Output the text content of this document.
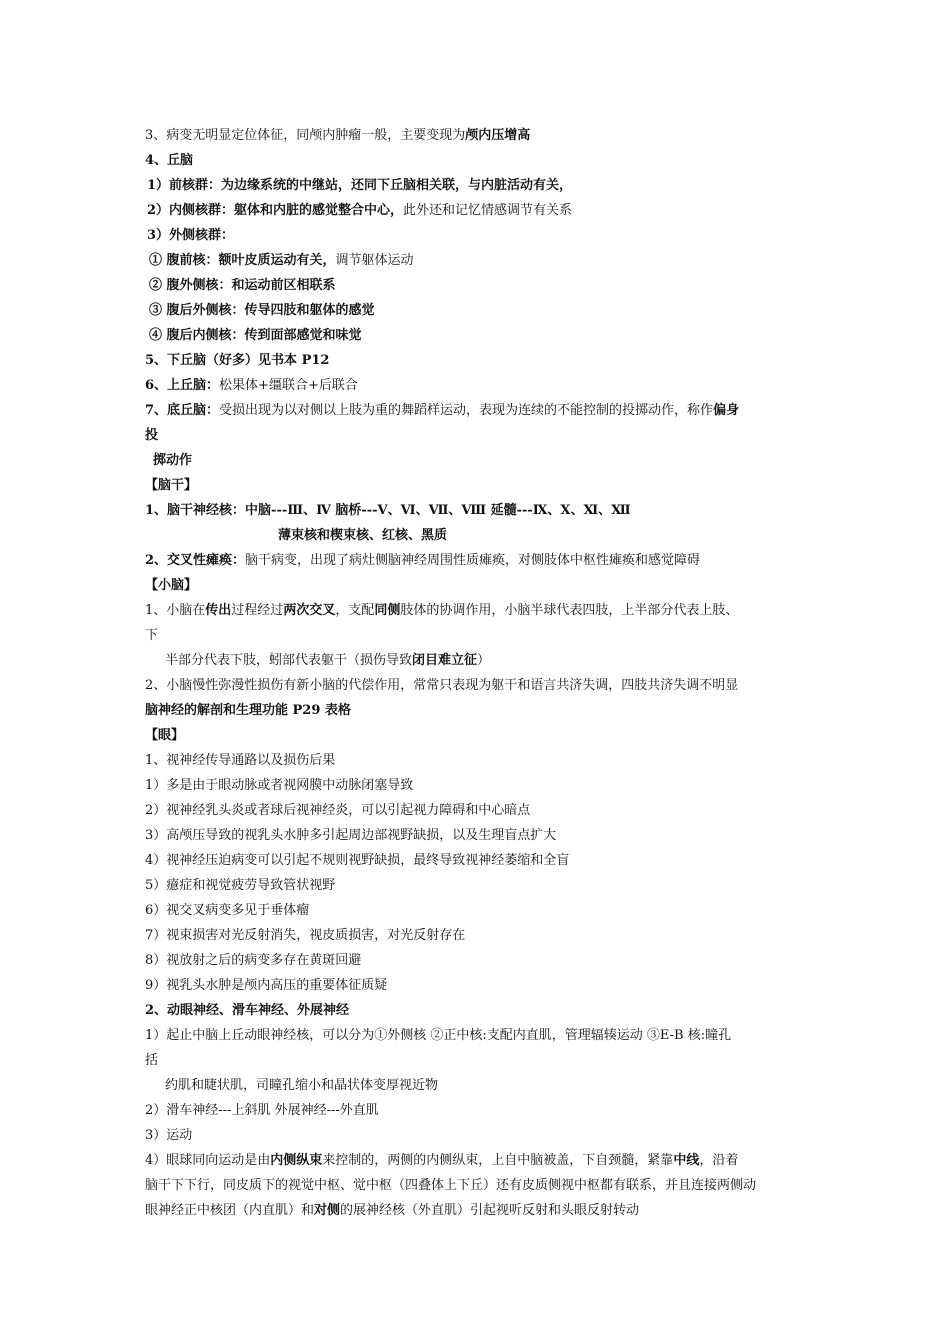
3、病变无明显定位体征，同颅内肿瘤一般，主要变现为颅内压增高
4、丘脑
1）前核群：为边缘系统的中继站，还同下丘脑相关联，与内脏活动有关，
2）内侧核群：躯体和内脏的感觉整合中心，此外还和记忆情感调节有关系
3）外侧核群：
① 腹前核：额叶皮质运动有关，调节躯体运动
② 腹外侧核：和运动前区相联系
③ 腹后外侧核：传导四肢和躯体的感觉
④ 腹后内侧核：传到面部感觉和味觉
5、下丘脑（好多）见书本 P12
6、上丘脑：松果体+缰联合+后联合
7、底丘脑：受损出现为以对侧以上肢为重的舞蹈样运动，表现为连续的不能控制的投掷动作，称作偏身
投
掷动作
【脑干】
1、脑干神经核：中脑---Ⅲ、Ⅳ 脑桥---Ⅴ、Ⅵ、Ⅶ、Ⅷ 延髓---Ⅸ、Ⅹ、Ⅺ、Ⅻ
薄束核和楔束核、红核、黑质
2、交叉性瘫痪：脑干病变，出现了病灶侧脑神经周围性质瘫痪，对侧肢体中枢性瘫痪和感觉障碍
【小脑】
1、小脑在传出过程经过两次交叉，支配同侧肢体的协调作用，小脑半球代表四肢，上半部分代表上肢、
下
半部分代表下肢，蚓部代表躯干（损伤导致闭目难立征）
2、小脑慢性弥漫性损伤有新小脑的代偿作用，常常只表现为躯干和语言共济失调，四肢共济失调不明显
脑神经的解剖和生理功能 P29 表格
【眼】
1、视神经传导通路以及损伤后果
1）多是由于眼动脉或者视网膜中动脉闭塞导致
2）视神经乳头炎或者球后视神经炎，可以引起视力障碍和中心暗点
3）高颅压导致的视乳头水肿多引起周边部视野缺损，以及生理盲点扩大
4）视神经压迫病变可以引起不规则视野缺损，最终导致视神经萎缩和全盲
5）癔症和视觉疲劳导致管状视野
6）视交叉病变多见于垂体瘤
7）视束损害对光反射消失，视皮质损害，对光反射存在
8）视放射之后的病变多存在黄斑回避
9）视乳头水肿是颅内高压的重要体征质疑
2、动眼神经、滑车神经、外展神经
1）起止中脑上丘动眼神经核，可以分为①外侧核 ②正中核:支配内直肌，管理辐辏运动 ③E-B 核:瞳孔
括
约肌和睫状肌，司瞳孔缩小和晶状体变厚视近物
2）滑车神经---上斜肌 外展神经---外直肌
3）运动
4）眼球同向运动是由内侧纵束来控制的，两侧的内侧纵束，上自中脑被盖，下自颈髓，紧靠中线，沿着
脑干下下行，同皮质下的视觉中枢、觉中枢（四叠体上下丘）还有皮质侧视中枢都有联系，并且连接两侧动
眼神经正中核团（内直肌）和对侧的展神经核（外直肌）引起视听反射和头眼反射转动
